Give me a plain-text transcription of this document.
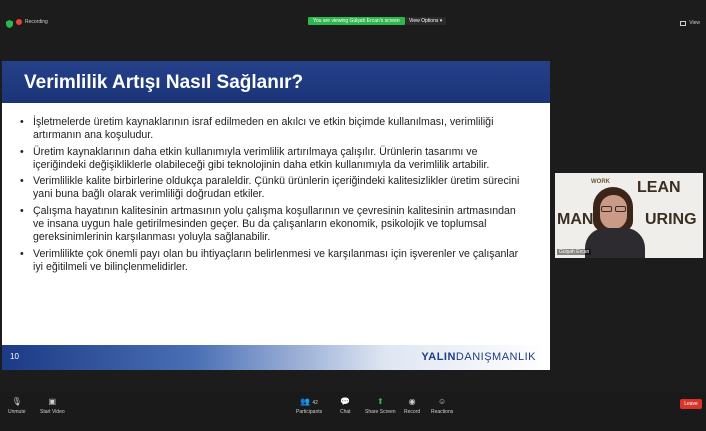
Recording	You are viewing Gülşah Ercan's screen	View Options ▾	View
Verimlilik Artışı Nasıl Sağlanır?
• İşletmelerde üretim kaynaklarının israf edilmeden en akılcı ve etkin biçimde kullanılması, verimliliği artırmanın ana koşuludur.
• Üretim kaynaklarının daha etkin kullanımıyla verimlilik artırılmaya çalışılır. Ürünlerin tasarımı ve içeriğindeki değişikliklerle olabileceği gibi teknolojinin daha etkin kullanımıyla da verimlilik artabilir.
• Verimlilikle kalite birbirlerine oldukça paraleldir. Çünkü ürünlerin içeriğindeki kalitesizlikler üretim sürecini yani buna bağlı olarak verimliliği doğrudan etkiler.
• Çalışma hayatının kalitesinin artmasının yolu çalışma koşullarının ve çevresinin kalitesinin artmasından ve insana uygun hale getirilmesinden geçer. Bu da çalışanların ekonomik, psikolojik ve toplumsal gereksinimlerinin karşılanması yoluyla sağlanabilir.
• Verimlilikte çok önemli payı olan bu ihtiyaçların belirlenmesi ve karşılanması için işverenler ve çalışanlar iyi eğitilmeli ve bilinçlenmelidirler.
10	YALINDANIŞMANLIK
WORK LEAN
MAN	URING
Gülşah Ercan
🎙
Unmute
▣
Start Video
👥 42
Participants
💬
Chat
⬆
Share Screen
◉
Record
☺
Reactions
Leave
